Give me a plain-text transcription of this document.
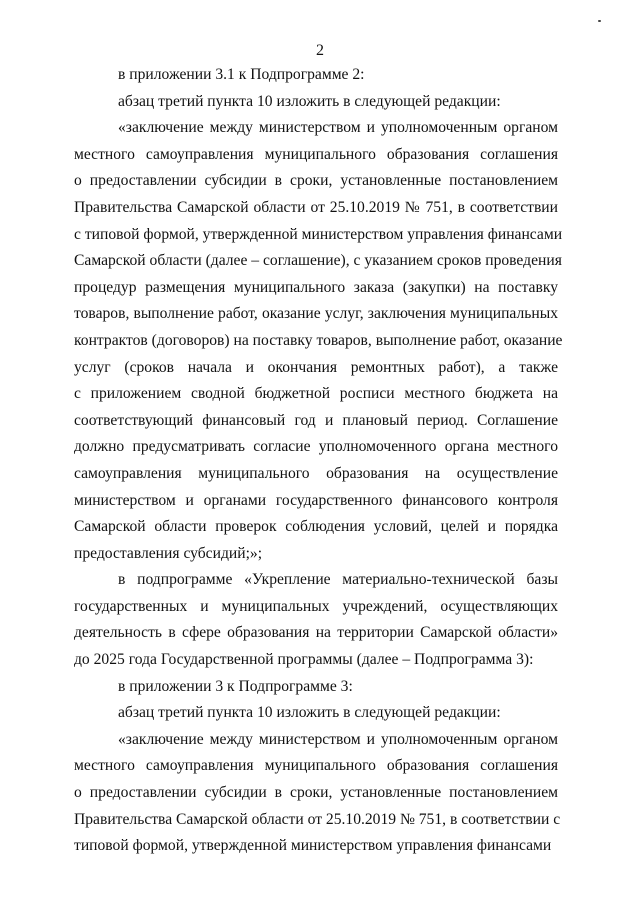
2
в приложении 3.1 к Подпрограмме 2:
абзац третий пункта 10 изложить в следующей редакции:
«заключение между министерством и уполномоченным органом
местного самоуправления муниципального образования соглашения
о предоставлении субсидии в сроки, установленные постановлением
Правительства Самарской области от 25.10.2019 № 751, в соответствии
с типовой формой, утвержденной министерством управления финансами
Самарской области (далее – соглашение), с указанием сроков проведения
процедур размещения муниципального заказа (закупки) на поставку
товаров, выполнение работ, оказание услуг, заключения муниципальных
контрактов (договоров) на поставку товаров, выполнение работ, оказание
услуг (сроков начала и окончания ремонтных работ), а также
с приложением сводной бюджетной росписи местного бюджета на
соответствующий финансовый год и плановый период. Соглашение
должно предусматривать согласие уполномоченного органа местного
самоуправления муниципального образования на осуществление
министерством и органами государственного финансового контроля
Самарской области проверок соблюдения условий, целей и порядка
предоставления субсидий;»;
в подпрограмме «Укрепление материально-технической базы
государственных и муниципальных учреждений, осуществляющих
деятельность в сфере образования на территории Самарской области»
до 2025 года Государственной программы (далее – Подпрограмма 3):
в приложении 3 к Подпрограмме 3:
абзац третий пункта 10 изложить в следующей редакции:
«заключение между министерством и уполномоченным органом
местного самоуправления муниципального образования соглашения
о предоставлении субсидии в сроки, установленные постановлением
Правительства Самарской области от 25.10.2019 № 751, в соответствии с
типовой формой, утвержденной министерством управления финансами
